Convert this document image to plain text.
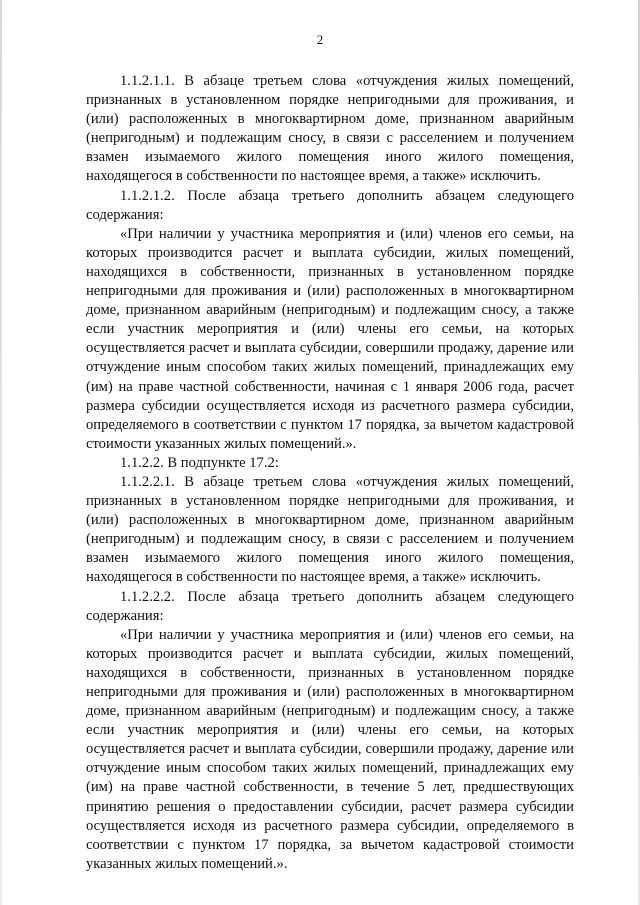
2

1.1.2.1.1. В абзаце третьем слова «отчуждения жилых помещений, признанных в установленном порядке непригодными для проживания, и (или) расположенных в многоквартирном доме, признанном аварийным (непригодным) и подлежащим сносу, в связи с расселением и получением взамен изымаемого жилого помещения иного жилого помещения, находящегося в собственности по настоящее время, а также» исключить.

1.1.2.1.2. После абзаца третьего дополнить абзацем следующего содержания:

«При наличии у участника мероприятия и (или) членов его семьи, на которых производится расчет и выплата субсидии, жилых помещений, находящихся в собственности, признанных в установленном порядке непригодными для проживания и (или) расположенных в многоквартирном доме, признанном аварийным (непригодным) и подлежащим сносу, а также если участник мероприятия и (или) члены его семьи, на которых осуществляется расчет и выплата субсидии, совершили продажу, дарение или отчуждение иным способом таких жилых помещений, принадлежащих ему (им) на праве частной собственности, начиная с 1 января 2006 года, расчет размера субсидии осуществляется исходя из расчетного размера субсидии, определяемого в соответствии с пунктом 17 порядка, за вычетом кадастровой стоимости указанных жилых помещений.».

1.1.2.2. В подпункте 17.2:

1.1.2.2.1. В абзаце третьем слова «отчуждения жилых помещений, признанных в установленном порядке непригодными для проживания, и (или) расположенных в многоквартирном доме, признанном аварийным (непригодным) и подлежащим сносу, в связи с расселением и получением взамен изымаемого жилого помещения иного жилого помещения, находящегося в собственности по настоящее время, а также» исключить.

1.1.2.2.2. После абзаца третьего дополнить абзацем следующего содержания:

«При наличии у участника мероприятия и (или) членов его семьи, на которых производится расчет и выплата субсидии, жилых помещений, находящихся в собственности, признанных в установленном порядке непригодными для проживания и (или) расположенных в многоквартирном доме, признанном аварийным (непригодным) и подлежащим сносу, а также если участник мероприятия и (или) члены его семьи, на которых осуществляется расчет и выплата субсидии, совершили продажу, дарение или отчуждение иным способом таких жилых помещений, принадлежащих ему (им) на праве частной собственности, в течение 5 лет, предшествующих принятию решения о предоставлении субсидии, расчет размера субсидии осуществляется исходя из расчетного размера субсидии, определяемого в соответствии с пунктом 17 порядка, за вычетом кадастровой стоимости указанных жилых помещений.».
